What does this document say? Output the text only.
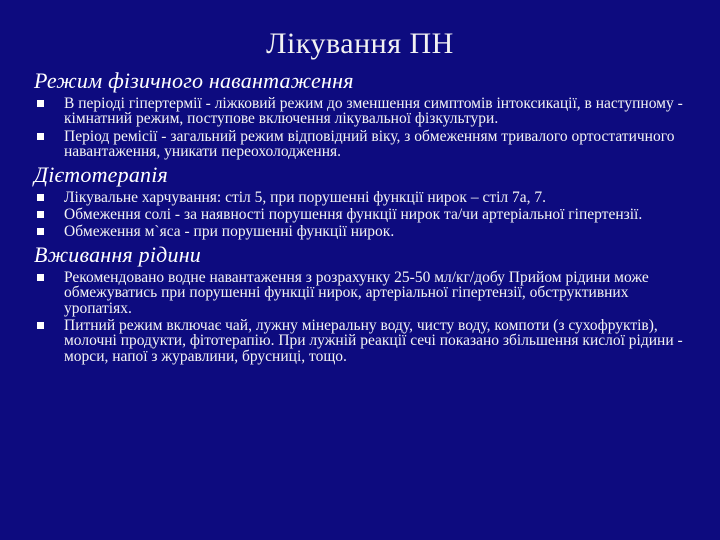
Лікування ПН
Режим фізичного навантаження
В періоді гіпертермії - ліжковий режим до зменшення симптомів інтоксикації, в наступному - кімнатний режим, поступове включення лікувальної фізкультури.
Період ремісії - загальний режим відповідний віку, з обмеженням тривалого ортостатичного навантаження, уникати переохолодження.
Дієтотерапія
Лікувальне харчування: стіл 5, при порушенні функції нирок – стіл 7а, 7.
Обмеження солі - за наявності порушення функції нирок та/чи артеріальної гіпертензії.
Обмеження м`яса - при порушенні функції нирок.
Вживання рідини
Рекомендовано водне навантаження з розрахунку 25-50 мл/кг/добу Прийом рідини може обмежуватись при порушенні функції нирок, артеріальної гіпертензії, обструктивних уропатіях.
Питний режим включає чай, лужну мінеральну воду, чисту воду, компоти (з сухофруктів), молочні продукти, фітотерапію. При лужній реакції сечі показано збільшення кислої рідини - морси, напої з журавлини, брусниці, тощо.
